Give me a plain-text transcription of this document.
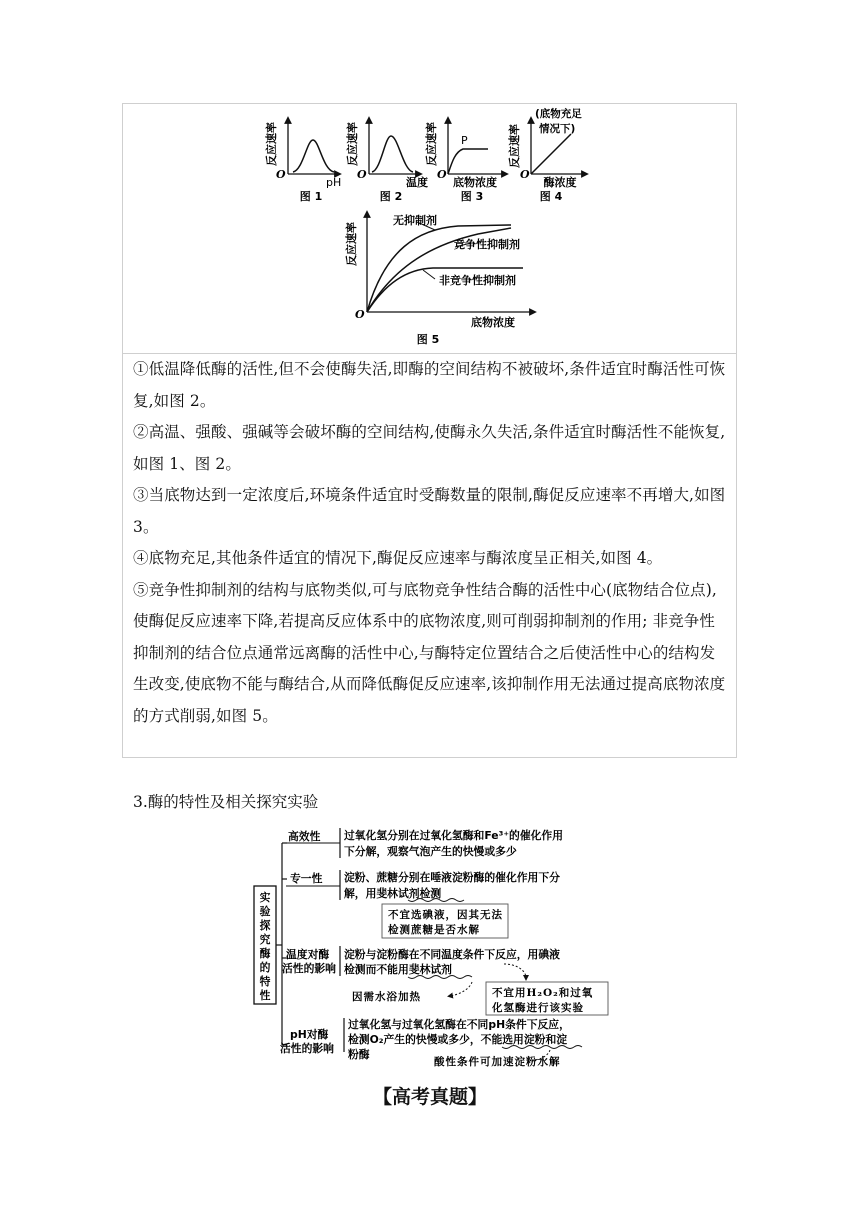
反应速率
O
pH
图 1
反应速率
O
温度
图 2
P
反应速率
O
底物浓度
图 3
(底物充足
情况下)
反应速率
O
酶浓度
图 4
无抑制剂
竞争性抑制剂
非竞争性抑制剂
反应速率
O
底物浓度
图 5

①低温降低酶的活性,但不会使酶失活,即酶的空间结构不被破坏,条件适宜时酶活性可恢复,如图 2。

②高温、强酸、强碱等会破坏酶的空间结构,使酶永久失活,条件适宜时酶活性不能恢复,如图 1、图 2。

③当底物达到一定浓度后,环境条件适宜时受酶数量的限制,酶促反应速率不再增大,如图 3。

④底物充足,其他条件适宜的情况下,酶促反应速率与酶浓度呈正相关,如图 4。

⑤竞争性抑制剂的结构与底物类似,可与底物竞争性结合酶的活性中心(底物结合位点),使酶促反应速率下降,若提高反应体系中的底物浓度,则可削弱抑制剂的作用; 非竞争性抑制剂的结合位点通常远离酶的活性中心,与酶特定位置结合之后使活性中心的结构发生改变,使底物不能与酶结合,从而降低酶促反应速率,该抑制作用无法通过提高底物浓度的方式削弱,如图 5。

3.酶的特性及相关探究实验
实
验
探
究
酶
的
特
性
高效性 过氧化氢分别在过氧化氢酶和Fe³⁺的催化作用
下分解，观察气泡产生的快慢或多少
专一性 淀粉、蔗糖分别在唾液淀粉酶的催化作用下分
解，用斐林试剂检测
不宜选碘液，因其无法
检测蔗糖是否水解
温度对酶
活性的影响
淀粉与淀粉酶在不同温度条件下反应，用碘液
检测而不能用斐林试剂
因需水浴加热	不宜用H₂O₂和过氧
化氢酶进行该实验
pH对酶
活性的影响
过氧化氢与过氧化氢酶在不同pH条件下反应，
检测O₂产生的快慢或多少，不能选用淀粉和淀
粉酶
酸性条件可加速淀粉水解
【高考真题】
